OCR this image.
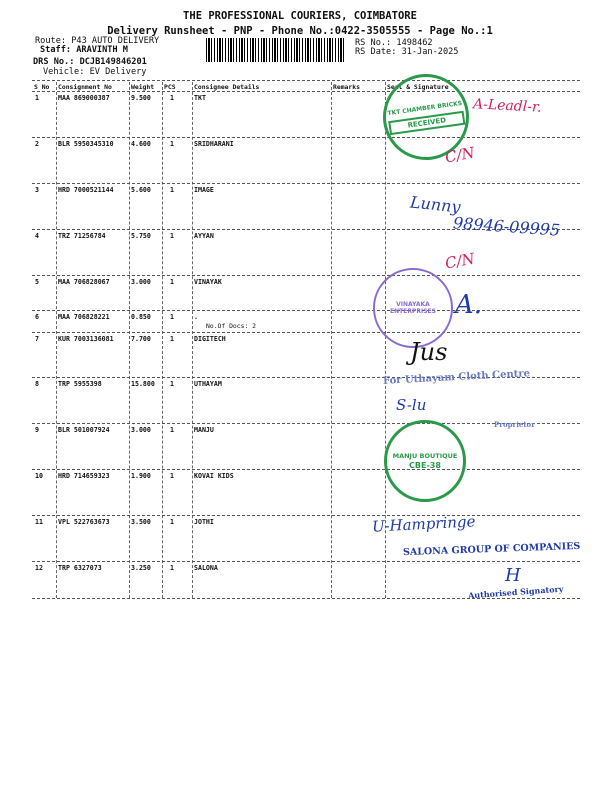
THE PROFESSIONAL COURIERS, COIMBATORE
Delivery Runsheet - PNP - Phone No.:0422-3505555 - Page No.:1
Route: P43 AUTO DELIVERY
Staff: ARAVINTH M
DRS No.: DCJB149846201
Vehicle: EV Delivery
RS No.: 1498462
RS Date: 31-Jan-2025
S No Consignment No	Weight PCS	Consignee Details	Remarks	Seal & Signature
1	MAA 869000387	9.500	1	TKT
2	BLR 5950345310	4.600	1	SRIDHARANI
3	HRD 7000521144	5.600	1	IMAGE
4	TRZ 71256784	5.750	1	AYYAN
5	MAA 706828067	3.000	1	VINAYAK
6	MAA 706828221	0.850	1	.
7	KUR 7003136081	7.700	1	DIGITECH
8	TRP 5955398	15.800 1	UTHAYAM
9	BLR 501007924	3.000	1	MANJU
10 HRD 714659323	1.900	1	KOVAI KIDS
11 VPL 522763673	3.500	1	JOTHI
12 TRP 6327073	3.250	1	SALONA
No.Of Docs: 2
TKT CHAMBER BRICKS
RECEIVED
VINAYAKA ENTERPRISES
For Uthayam Cloth Centre
Proprietor
MANJU BOUTIQUE
CBE-38
SALONA GROUP OF COMPANIES
Authorised Signatory
A-Leadl-r.
C/N
Lunny
98946-09995
C/N
A.
Jus
S-lu
U-Hampringe
H
